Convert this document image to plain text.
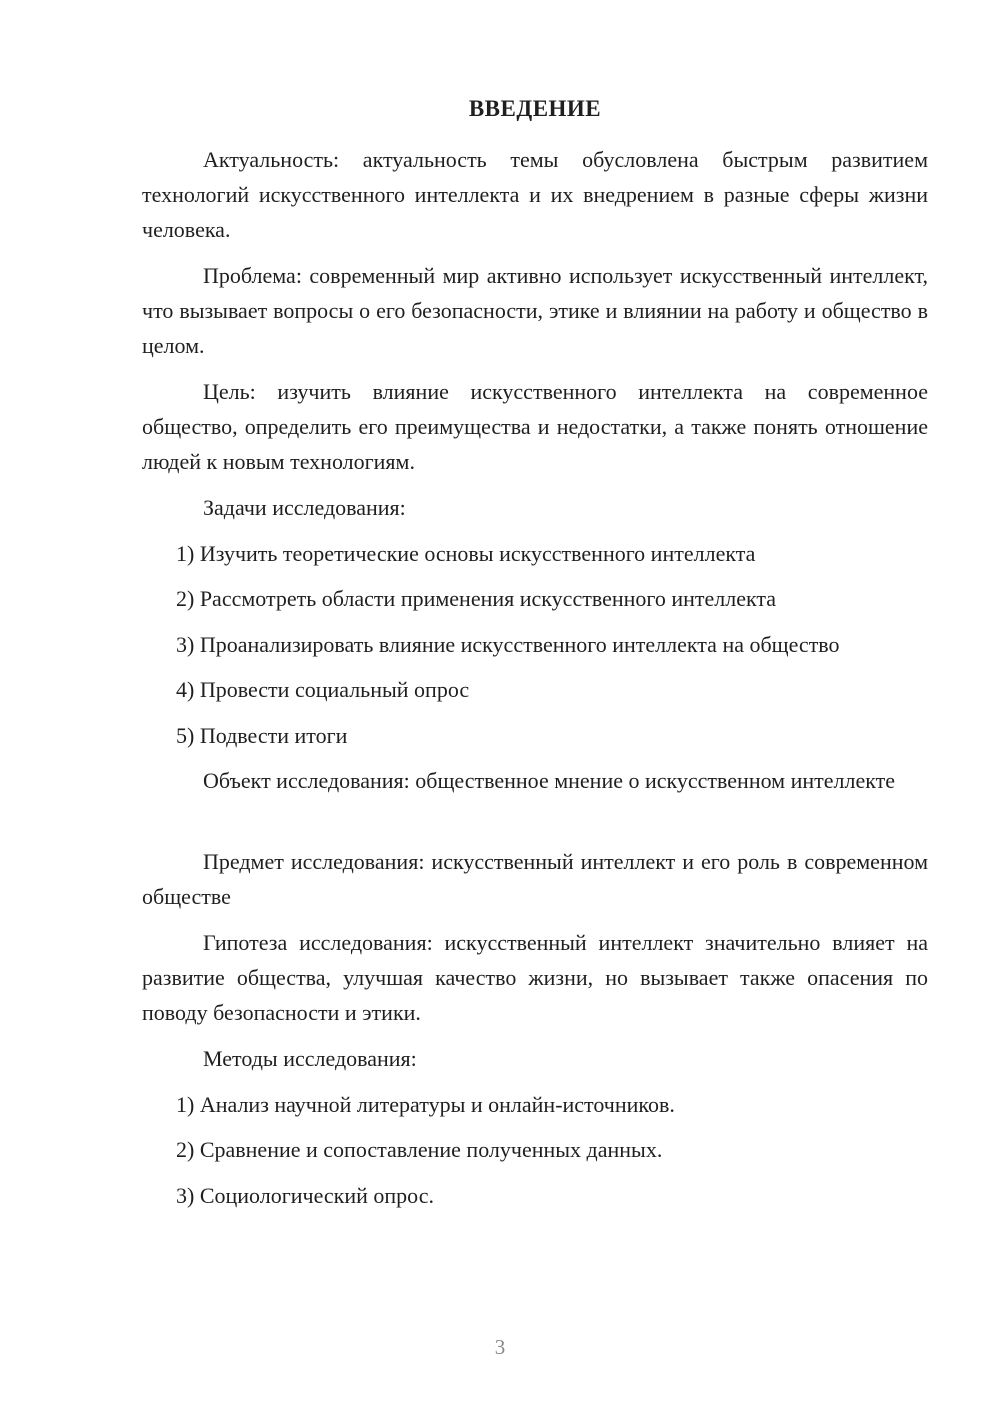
ВВЕДЕНИЕ

Актуальность: актуальность темы обусловлена быстрым развитием технологий искусственного интеллекта и их внедрением в разные сферы жизни человека.

Проблема: современный мир активно использует искусственный интеллект, что вызывает вопросы о его безопасности, этике и влиянии на работу и общество в целом.

Цель: изучить влияние искусственного интеллекта на современное общество, определить его преимущества и недостатки, а также понять отношение людей к новым технологиям.

Задачи исследования:
1) Изучить теоретические основы искусственного интеллекта
2) Рассмотреть области применения искусственного интеллекта
3) Проанализировать влияние искусственного интеллекта на общество
4) Провести социальный опрос
5) Подвести итоги

Объект исследования: общественное мнение о искусственном интеллекте

Предмет исследования: искусственный интеллект и его роль в современном обществе

Гипотеза исследования: искусственный интеллект значительно влияет на развитие общества, улучшая качество жизни, но вызывает также опасения по поводу безопасности и этики.

Методы исследования:
1) Анализ научной литературы и онлайн-источников.
2) Сравнение и сопоставление полученных данных.
3) Социологический опрос.
3
